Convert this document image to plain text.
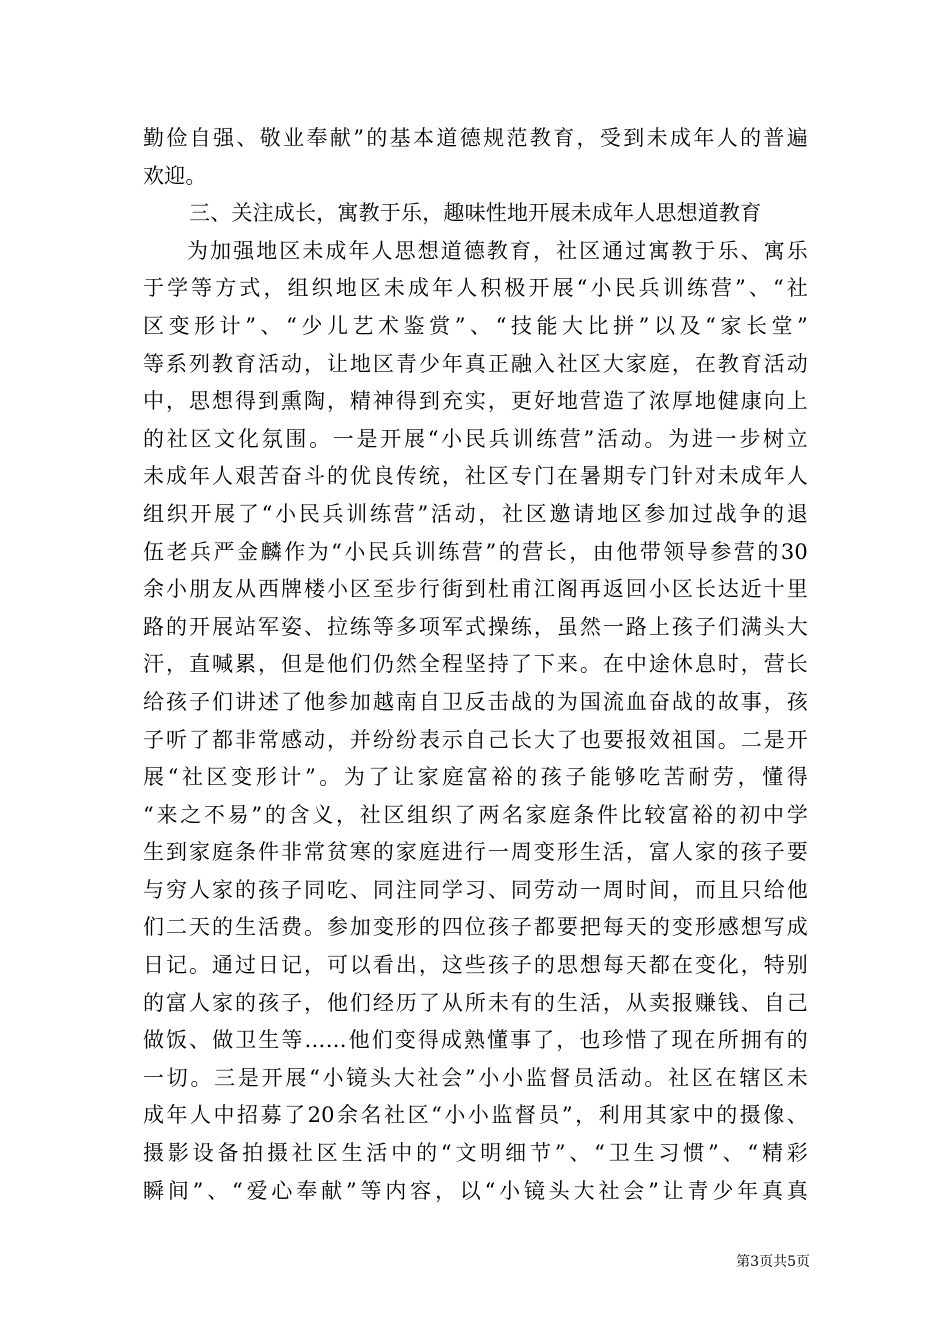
勤俭自强、敬业奉献”的基本道德规范教育，受到未成年人的普遍
欢迎。
三、关注成长，寓教于乐，趣味性地开展未成年人思想道教育
为加强地区未成年人思想道德教育，社区通过寓教于乐、寓乐
于学等方式，组织地区未成年人积极开展“小民兵训练营”、“社
区变形计”、“少儿艺术鉴赏”、“技能大比拼”以及“家长堂”
等系列教育活动，让地区青少年真正融入社区大家庭，在教育活动
中，思想得到熏陶，精神得到充实，更好地营造了浓厚地健康向上
的社区文化氛围。一是开展“小民兵训练营”活动。为进一步树立
未成年人艰苦奋斗的优良传统，社区专门在暑期专门针对未成年人
组织开展了“小民兵训练营”活动，社区邀请地区参加过战争的退
伍老兵严金麟作为“小民兵训练营”的营长，由他带领导参营的30
余小朋友从西牌楼小区至步行街到杜甫江阁再返回小区长达近十里
路的开展站军姿、拉练等多项军式操练，虽然一路上孩子们满头大
汗，直喊累，但是他们仍然全程坚持了下来。在中途休息时，营长
给孩子们讲述了他参加越南自卫反击战的为国流血奋战的故事，孩
子听了都非常感动，并纷纷表示自己长大了也要报效祖国。二是开
展“社区变形计”。为了让家庭富裕的孩子能够吃苦耐劳，懂得
“来之不易”的含义，社区组织了两名家庭条件比较富裕的初中学
生到家庭条件非常贫寒的家庭进行一周变形生活，富人家的孩子要
与穷人家的孩子同吃、同注同学习、同劳动一周时间，而且只给他
们二天的生活费。参加变形的四位孩子都要把每天的变形感想写成
日记。通过日记，可以看出，这些孩子的思想每天都在变化，特别
的富人家的孩子，他们经历了从所未有的生活，从卖报赚钱、自己
做饭、做卫生等……他们变得成熟懂事了，也珍惜了现在所拥有的
一切。三是开展“小镜头大社会”小小监督员活动。社区在辖区未
成年人中招募了20余名社区“小小监督员”，利用其家中的摄像、
摄影设备拍摄社区生活中的“文明细节”、“卫生习惯”、“精彩
瞬间”、“爱心奉献”等内容，以“小镜头大社会”让青少年真真
第3页共5页
